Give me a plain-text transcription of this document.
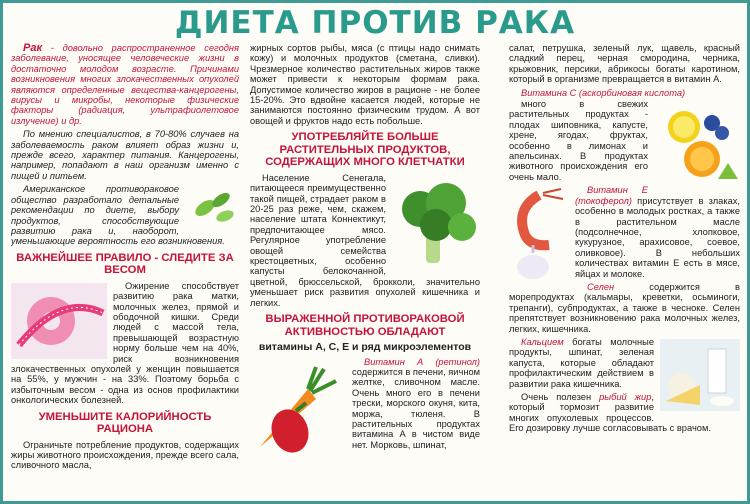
ДИЕТА ПРОТИВ РАКА

Рак - довольно распространенное сегодня заболевание, уносящее человеческие жизни в достаточно молодом возрасте. Причинами возникновения многих злокачественных опухолей являются определенные вещества-канцерогены, вирусы и микробы, некоторые физические факторы (радиация, ультрафиолетовое излучение) и др.

По мнению специалистов, в 70-80% случаев на заболеваемость раком влияет образ жизни и, прежде всего, характер питания. Канцерогены, например, попадают в наш организм именно с пищей и питьем.

Американское противораковое общество разработало детальные рекомендации по диете, выбору продуктов, способствующие развитию рака и, наоборот, уменьшающие вероятность его возникновения.

ВАЖНЕЙШЕЕ ПРАВИЛО - СЛЕДИТЕ ЗА ВЕСОМ

Ожирение способствует развитию рака матки, молочных желез, прямой и ободочной кишки. Среди людей с массой тела, превышающей возрастную норму больше чем на 40%, риск возникновения злокачественных опухолей у женщин повышается на 55%, у мужчин - на 33%. Поэтому борьба с избыточным весом - одна из основ профилактики онкологических болезней.

УМЕНЬШИТЕ КАЛОРИЙНОСТЬ РАЦИОНА

Ограничьте потребление продуктов, содержащих жиры животного происхождения, прежде всего сала, сливочного масла,

жирных сортов рыбы, мяса (с птицы надо снимать кожу) и молочных продуктов (сметана, сливки). Чрезмерное количество растительных жиров также может привести к некоторым формам рака. Допустимое количество жиров в рационе - не более 15-20%. Это вдвойне касается людей, которые не занимаются постоянно физическим трудом. А вот овощей и фруктов надо есть побольше.

УПОТРЕБЛЯЙТЕ БОЛЬШЕ РАСТИТЕЛЬНЫХ ПРОДУКТОВ, СОДЕРЖАЩИХ МНОГО КЛЕТЧАТКИ

Население Сенегала, питающееся преимущественно такой пищей, страдает раком в 20-25 раз реже, чем, скажем, население штата Коннектикут, предпочитающее мясо. Регулярное употребление овощей семейства крестоцветных, особенно капусты белокочанной, цветной, брюссельской, брокколи, значительно уменьшает риск развития опухолей кишечника и легких.

ВЫРАЖЕННОЙ ПРОТИВОРАКОВОЙ АКТИВНОСТЬЮ ОБЛАДАЮТ
витамины А, С, Е и ряд микроэлементов

Витамин А (ретинол) содержится в печени, яичном желтке, сливочном масле. Очень много его в печени трески, морского окуня, кита, моржа, тюленя. В растительных продуктах витамина А в чистом виде нет. Морковь, шпинат,

салат, петрушка, зеленый лук, щавель, красный сладкий перец, черная смородина, черника, крыжовник, персики, абрикосы богаты каротином, который в организме превращается в витамин А.

Витамина С (аскорбиновая кислота)

много в свежих растительных продуктах - плодах шиповника, капусте, хрене, ягодах, фруктах, особенно в лимонах и апельсинах. В продуктах животного происхождения его очень мало.

Витамин Е (токоферол) присутствует в злаках, особенно в молодых ростках, а также в растительном масле (подсолнечное, хлопковое, кукурузное, арахисовое, соевое, оливковое). В небольших количествах витамин Е есть в мясе, яйцах и молоке.

Селен	содержится в морепродуктах (кальмары, креветки, осьминоги, трепанги), субпродуктах, а также в чесноке. Селен препятствует возникновению рака молочных желез, легких, кишечника.

Кальцием богаты молочные продукты, шпинат, зеленая капуста, которые обладают профилактическим действием в развитии рака кишечника.

Очень полезен рыбий жир, который тормозит развитие многих опухолевых процессов. Его дозировку лучше согласовывать с врачом.
